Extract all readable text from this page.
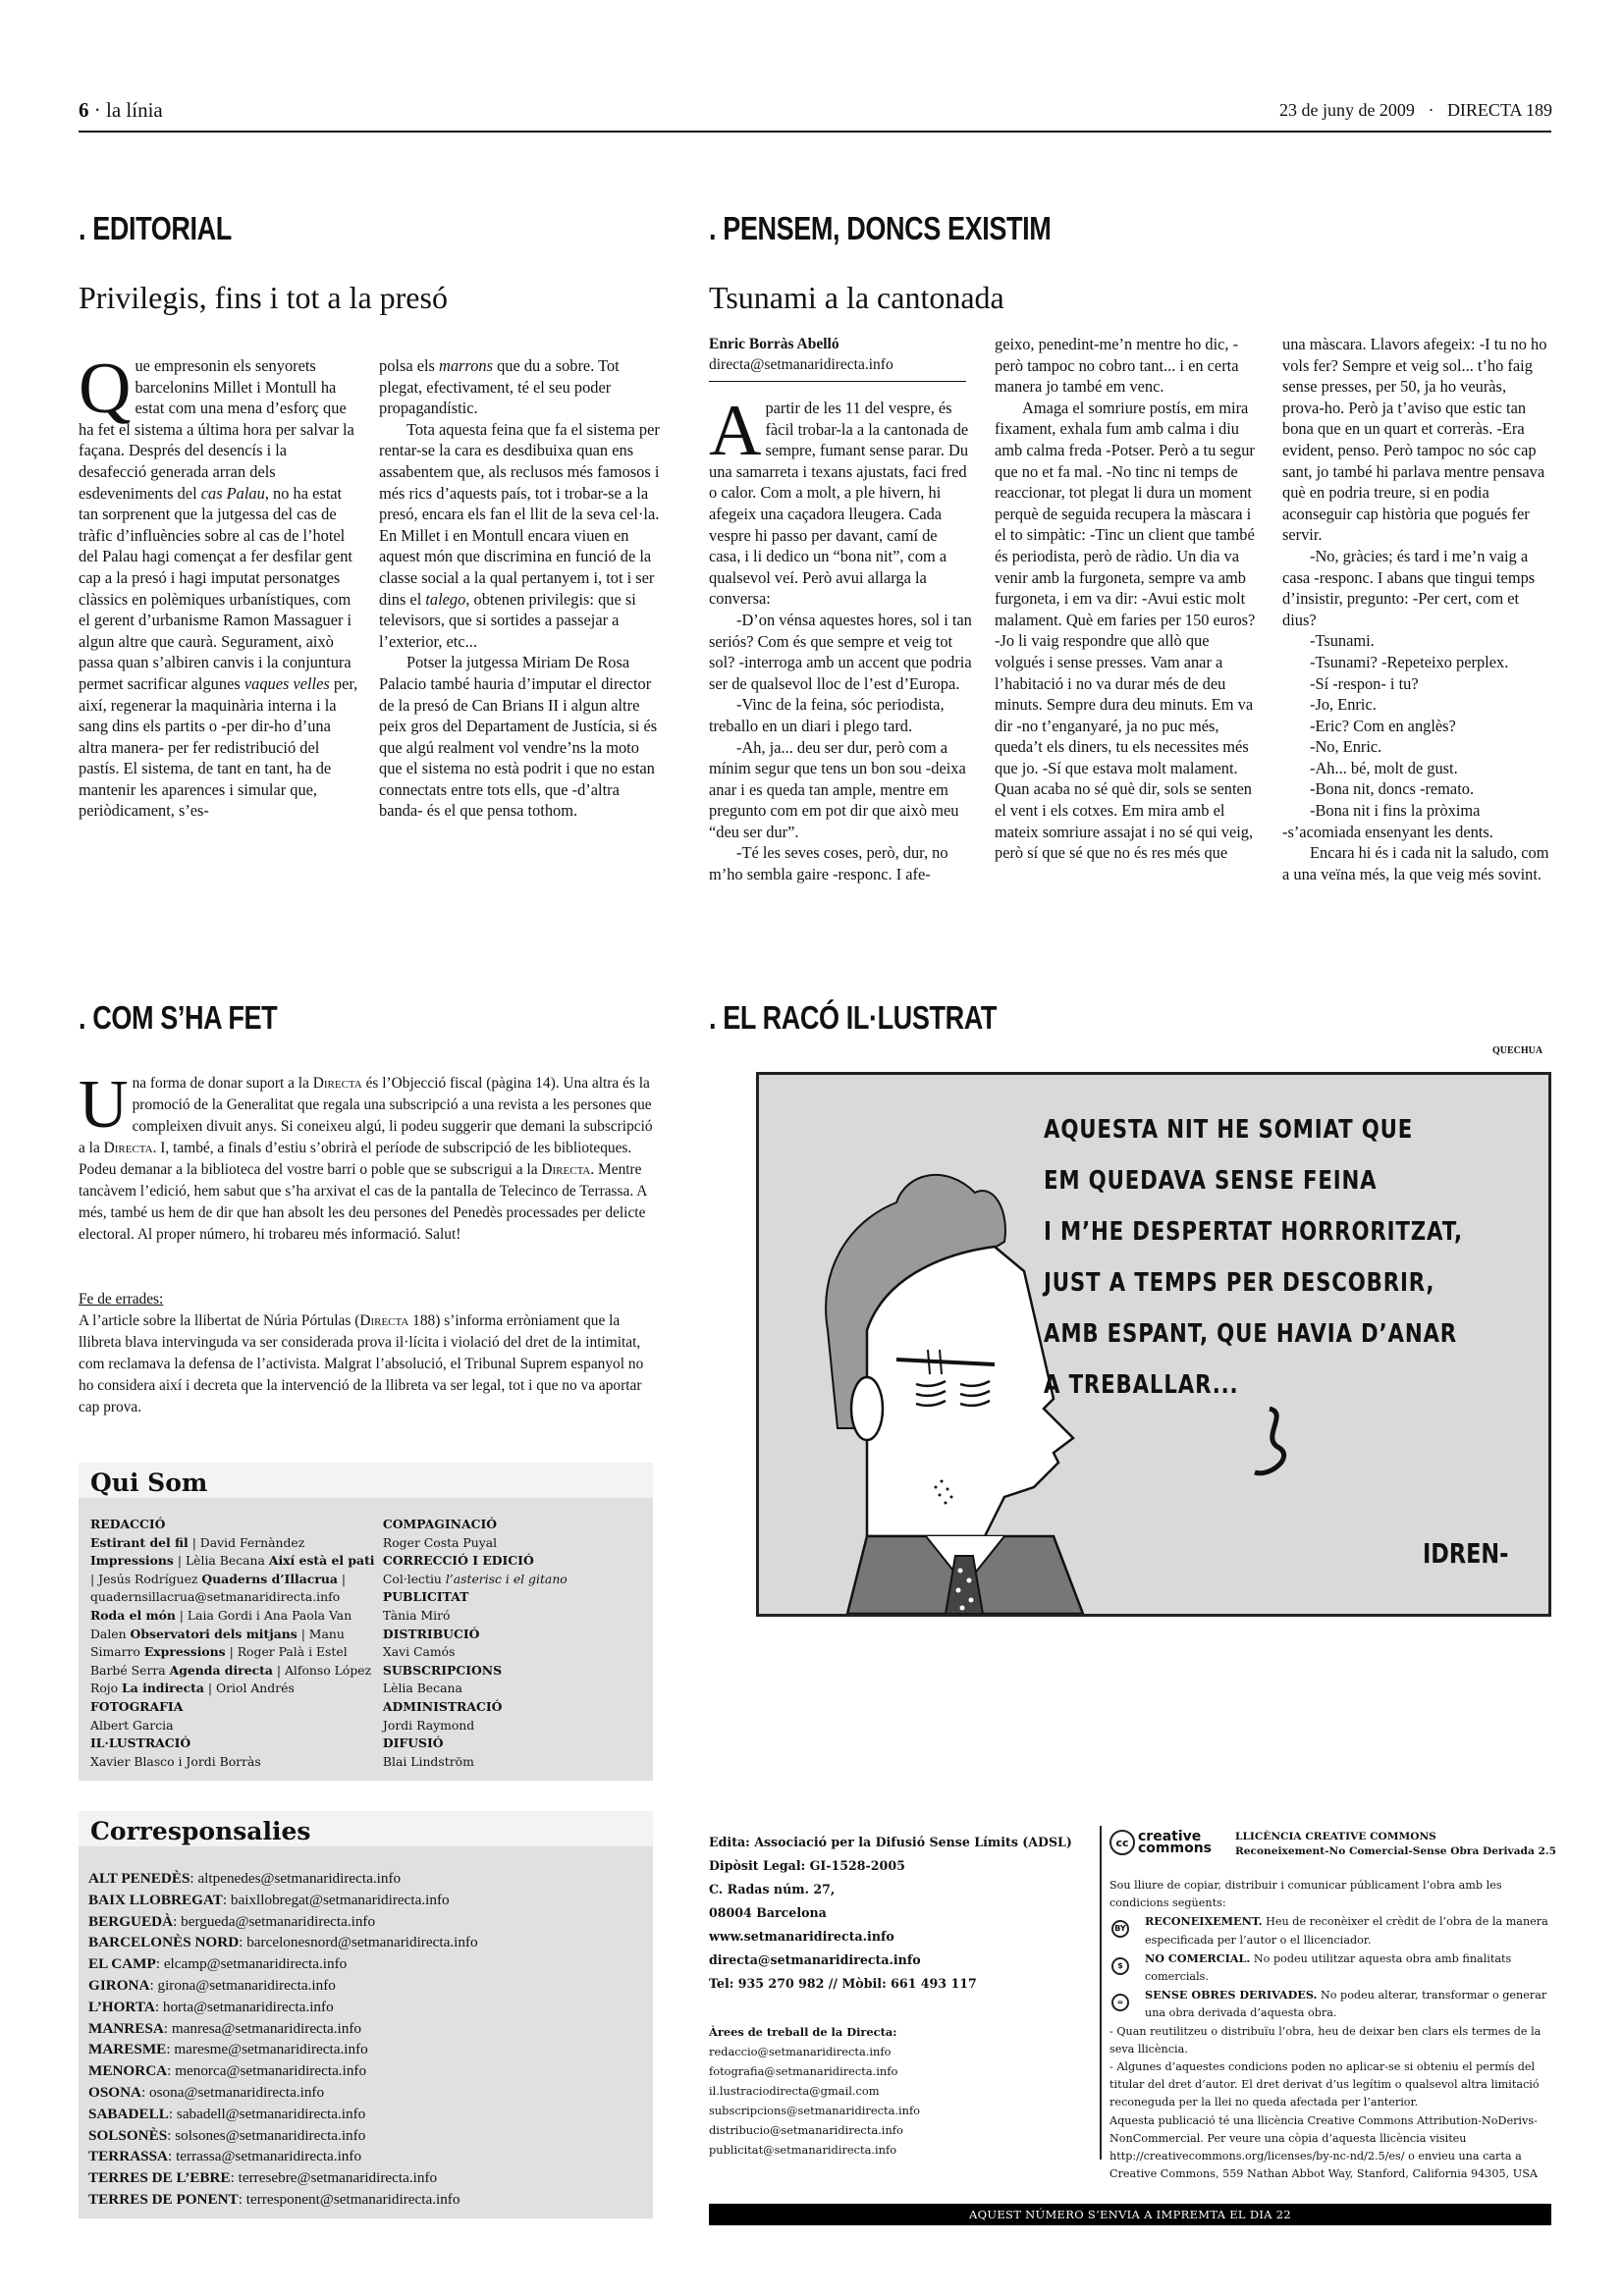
6 · la línia	23 de juny de 2009 · DIRECTA 189
. EDITORIAL
Privilegis, fins i tot a la presó

Que empresonin els senyorets barcelonins Millet i Montull ha estat com una mena d’esforç que ha fet el sistema a última hora per salvar la façana. Després del desencís i la desafecció generada arran dels esdeveniments del cas Palau, no ha estat tan sorprenent que la jutgessa del cas de tràfic d’influències sobre al cas de l’hotel del Palau hagi començat a fer desfilar gent cap a la presó i hagi imputat personatges clàssics en polèmiques urbanístiques, com el gerent d’urbanisme Ramon Massaguer i algun altre que caurà. Segurament, això passa quan s’albiren canvis i la conjuntura permet sacrificar algunes vaques velles per, així, regenerar la maquinària interna i la sang dins els partits o -per dir-ho d’una altra manera- per fer redistribució del pastís. El sistema, de tant en tant, ha de mantenir les aparences i simular que, periòdicament, s’es-

polsa els marrons que du a sobre. Tot plegat, efectivament, té el seu poder propagandístic.

Tota aquesta feina que fa el sistema per rentar-se la cara es desdibuixa quan ens assabentem que, als reclusos més famosos i més rics d’aquests país, tot i trobar-se a la presó, encara els fan el llit de la seva cel·la. En Millet i en Montull encara viuen en aquest món que discrimina en funció de la classe social a la qual pertanyem i, tot i ser dins el talego, obtenen privilegis: que si televisors, que si sortides a passejar a l’exterior, etc...

Potser la jutgessa Miriam De Rosa Palacio també hauria d’imputar el director de la presó de Can Brians II i algun altre peix gros del Departament de Justícia, si és que algú realment vol vendre’ns la moto que el sistema no està podrit i que no estan connectats entre tots ells, que -d’altra banda- és el que pensa tothom.

. PENSEM, DONCS EXISTIM
Tsunami a la cantonada
Enric Borràs Abelló
directa@setmanaridirecta.info

A partir de les 11 del vespre, és fàcil trobar-la a la cantonada de sempre, fumant sense parar. Du una samarreta i texans ajustats, faci fred o calor. Com a molt, a ple hivern, hi afegeix una caçadora lleugera. Cada vespre hi passo per davant, camí de casa, i li dedico un “bona nit”, com a qualsevol veí. Però avui allarga la conversa:

-D’on vénsa aquestes hores, sol i tan seriós? Com és que sempre et veig tot sol? -interroga amb un accent que podria ser de qualsevol lloc de l’est d’Europa.

-Vinc de la feina, sóc periodista, treballo en un diari i plego tard.

-Ah, ja... deu ser dur, però com a mínim segur que tens un bon sou -deixa anar i es queda tan ample, mentre em pregunto com em pot dir que això meu “deu ser dur”.

-Té les seves coses, però, dur, no m’ho sembla gaire -responc. I afe-

geixo, penedint-me’n mentre ho dic, -però tampoc no cobro tant... i en certa manera jo també em venc.

Amaga el somriure postís, em mira fixament, exhala fum amb calma i diu amb calma freda -Potser. Però a tu segur que no et fa mal. -No tinc ni temps de reaccionar, tot plegat li dura un moment perquè de seguida recupera la màscara i el to simpàtic: -Tinc un client que també és periodista, però de ràdio. Un dia va venir amb la furgoneta, sempre va amb furgoneta, i em va dir: -Avui estic molt malament. Què em faries per 150 euros? -Jo li vaig respondre que allò que volgués i sense presses. Vam anar a l’habitació i no va durar més de deu minuts. Sempre dura deu minuts. Em va dir -no t’enganyaré, ja no puc més, queda’t els diners, tu els necessites més que jo. -Sí que estava molt malament. Quan acaba no sé què dir, sols se senten el vent i els cotxes. Em mira amb el mateix somriure assajat i no sé qui veig, però sí que sé que no és res més que

una màscara. Llavors afegeix: -I tu no ho vols fer? Sempre et veig sol... t’ho faig sense presses, per 50, ja ho veuràs, prova-ho. Però ja t’aviso que estic tan bona que en un quart et correràs. -Era evident, penso. Però tampoc no sóc cap sant, jo també hi parlava mentre pensava què en podria treure, si en podia aconseguir cap història que pogués fer servir.

-No, gràcies; és tard i me’n vaig a casa -responc. I abans que tingui temps d’insistir, pregunto: -Per cert, com et dius?

-Tsunami.

-Tsunami? -Repeteixo perplex.

-Sí -respon- i tu?

-Jo, Enric.

-Eric? Com en anglès?

-No, Enric.

-Ah... bé, molt de gust.

-Bona nit, doncs -remato.

-Bona nit i fins la pròxima

-s’acomiada ensenyant les dents.

Encara hi és i cada nit la saludo, com a una veïna més, la que veig més sovint.

. COM S’HA FET
Una forma de donar suport a la Directa és l’Objecció fiscal (pàgina 14). Una altra és la promoció de la Generalitat que regala una subscripció a una revista a les persones que compleixen divuit anys. Si coneixeu algú, li podeu suggerir que demani la subscripció a la Directa. I, també, a finals d’estiu s’obrirà el període de subscripció de les biblioteques. Podeu demanar a la biblioteca del vostre barri o poble que se subscrigui a la Directa. Mentre tancàvem l’edició, hem sabut que s’ha arxivat el cas de la pantalla de Telecinco de Terrassa. A més, també us hem de dir que han absolt les deu persones del Penedès processades per delicte electoral. Al proper número, hi trobareu més informació. Salut!
Fe de errades:
A l’article sobre la llibertat de Núria Pórtulas (Directa 188) s’informa erròniament que la llibreta blava intervinguda va ser considerada prova il·lícita i violació del dret de la intimitat, com reclamava la defensa de l’activista. Malgrat l’absolució, el Tribunal Suprem espanyol no ho considera així i decreta que la intervenció de la llibreta va ser legal, tot i que no va aportar cap prova.
Qui Som
REDACCIÓ
Estirant del fil | David Fernàndez Impressions | Lèlia Becana Així està el pati | Jesús Rodríguez Quaderns d’Illacrua | quadernsillacrua@setmanaridirecta.info Roda el món | Laia Gordi i Ana Paola Van Dalen Observatori dels mitjans | Manu Simarro Expressions | Roger Palà i Estel Barbé Serra Agenda directa | Alfonso López Rojo La indirecta | Oriol Andrés
FOTOGRAFIA
Albert Garcia
IL·LUSTRACIÓ
Xavier Blasco i Jordi Borràs
COMPAGINACIÓ
Roger Costa Puyal
CORRECCIÓ I EDICIÓ
Col·lectiu l’asterisc i el gitano
PUBLICITAT
Tània Miró
DISTRIBUCIÓ
Xavi Camós
SUBSCRIPCIONS
Lèlia Becana
ADMINISTRACIÓ
Jordi Raymond
DIFUSIÓ
Blai Lindström
Corresponsalies
ALT PENEDÈS: altpenedes@setmanaridirecta.info
BAIX LLOBREGAT: baixllobregat@setmanaridirecta.info
BERGUEDÀ: bergueda@setmanaridirecta.info
BARCELONÈS NORD: barcelonesnord@setmanaridirecta.info
EL CAMP: elcamp@setmanaridirecta.info
GIRONA: girona@setmanaridirecta.info
L’HORTA: horta@setmanaridirecta.info
MANRESA: manresa@setmanaridirecta.info
MARESME: maresme@setmanaridirecta.info
MENORCA: menorca@setmanaridirecta.info
OSONA: osona@setmanaridirecta.info
SABADELL: sabadell@setmanaridirecta.info
SOLSONÈS: solsones@setmanaridirecta.info
TERRASSA: terrassa@setmanaridirecta.info
TERRES DE L’EBRE: terresebre@setmanaridirecta.info
TERRES DE PONENT: terresponent@setmanaridirecta.info
. EL RACÓ IL·LUSTRAT
QUECHUA
AQUESTA NIT HE SOMIAT QUE
EM QUEDAVA SENSE FEINA
I M’HE DESPERTAT HORRORITZAT,
JUST A TEMPS PER DESCOBRIR,
AMB ESPANT, QUE HAVIA D’ANAR
A TREBALLAR...
IDREN-
Edita: Associació per la Difusió Sense Límits (ADSL)
Dipòsit Legal: GI-1528-2005
C. Radas núm. 27,
08004 Barcelona
www.setmanaridirecta.info
directa@setmanaridirecta.info
Tel: 935 270 982 // Mòbil: 661 493 117
Àrees de treball de la Directa:
redaccio@setmanaridirecta.info
fotografia@setmanaridirecta.info
il.lustraciodirecta@gmail.com
subscripcions@setmanaridirecta.info
distribucio@setmanaridirecta.info
publicitat@setmanaridirecta.info
cc creative
commons
LLICÈNCIA CREATIVE COMMONS
Reconeixement-No Comercial-Sense Obra Derivada 2.5
Sou lliure de copiar, distribuir i comunicar públicament l’obra amb les condicions següents:
BY
RECONEIXEMENT. Heu de reconèixer el crèdit de l’obra de la manera especificada per l’autor o el llicenciador.
$
NO COMERCIAL. No podeu utilitzar aquesta obra amb finalitats comercials.
=
SENSE OBRES DERIVADES. No podeu alterar, transformar o generar una obra derivada d’aquesta obra.
- Quan reutilitzeu o distribuïu l’obra, heu de deixar ben clars els termes de la seva llicència.
- Algunes d’aquestes condicions poden no aplicar-se si obteniu el permís del titular del dret d’autor. El dret derivat d’us legítim o qualsevol altra limitació reconeguda per la llei no queda afectada per l’anterior.
Aquesta publicació té una llicència Creative Commons Attribution-NoDerivs- NonCommercial. Per veure una còpia d’aquesta llicència visiteu http://creativecommons.org/licenses/by-nc-nd/2.5/es/ o envieu una carta a Creative Commons, 559 Nathan Abbot Way, Stanford, California 94305, USA
AQUEST NÚMERO S’ENVIA A IMPREMTA EL DIA 22
